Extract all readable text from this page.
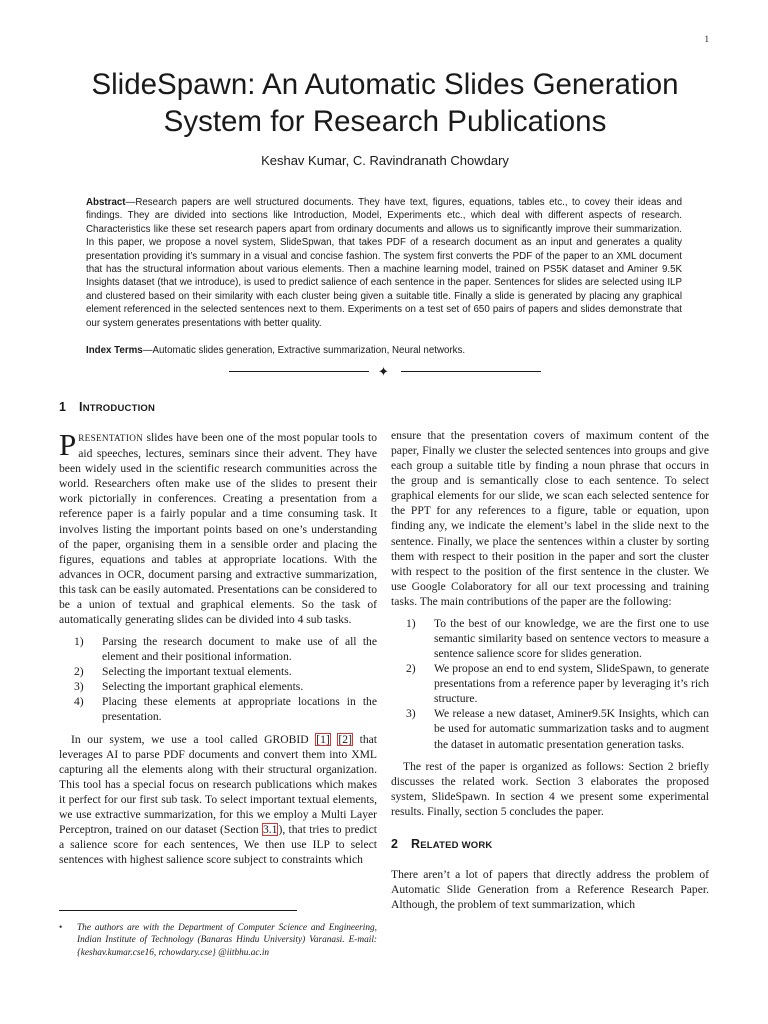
1
SlideSpawn: An Automatic Slides Generation
System for Research Publications
Keshav Kumar, C. Ravindranath Chowdary

Abstract—Research papers are well structured documents. They have text, figures, equations, tables etc., to covey their ideas and findings. They are divided into sections like Introduction, Model, Experiments etc., which deal with different aspects of research. Characteristics like these set research papers apart from ordinary documents and allows us to significantly improve their summarization. In this paper, we propose a novel system, SlideSpwan, that takes PDF of a research document as an input and generates a quality presentation providing it’s summary in a visual and concise fashion. The system first converts the PDF of the paper to an XML document that has the structural information about various elements. Then a machine learning model, trained on PS5K dataset and Aminer 9.5K Insights dataset (that we introduce), is used to predict salience of each sentence in the paper. Sentences for slides are selected using ILP and clustered based on their similarity with each cluster being given a suitable title. Finally a slide is generated by placing any graphical element referenced in the selected sentences next to them. Experiments on a test set of 650 pairs of papers and slides demonstrate that our system generates presentations with better quality.

Index Terms—Automatic slides generation, Extractive summarization, Neural networks.

✦
1 INTRODUCTION

PRESENTATION slides have been one of the most popular tools to aid speeches, lectures, seminars since their advent. They have been widely used in the scientific research communities across the world. Researchers often make use of the slides to present their work pictorially in conferences. Creating a presentation from a reference paper is a fairly popular and a time consuming task. It involves listing the important points based on one’s understanding of the paper, organising them in a sensible order and placing the figures, equations and tables at appropriate locations. With the advances in OCR, document parsing and extractive summarization, this task can be easily automated. Presentations can be considered to be a union of textual and graphical elements. So the task of automatically generating slides can be divided into 4 sub tasks.

1) Parsing the research document to make use of all the element and their positional information.
2) Selecting the important textual elements.
3) Selecting the important graphical elements.
4) Placing these elements at appropriate locations in the presentation.

In our system, we use a tool called GROBID [1] [2] that leverages AI to parse PDF documents and convert them into XML capturing all the elements along with their structural organization. This tool has a special focus on research publications which makes it perfect for our first sub task. To select important textual elements, we use extractive summarization, for this we employ a Multi Layer Perceptron, trained on our dataset (Section 3.1), that tries to predict a salience score for each sentences, We then use ILP to select sentences with highest salience score subject to constraints which

ensure that the presentation covers of maximum content of the paper, Finally we cluster the selected sentences into groups and give each group a suitable title by finding a noun phrase that occurs in the group and is semantically close to each sentence. To select graphical elements for our slide, we scan each selected sentence for the PPT for any references to a figure, table or equation, upon finding any, we indicate the element’s label in the slide next to the sentence. Finally, we place the sentences within a cluster by sorting them with respect to their position in the paper and sort the cluster with respect to the position of the first sentence in the cluster. We use Google Colaboratory for all our text processing and training tasks. The main contributions of the paper are the following:

1) To the best of our knowledge, we are the first one to use semantic similarity based on sentence vectors to measure a sentence salience score for slides generation.
2) We propose an end to end system, SlideSpawn, to generate presentations from a reference paper by leveraging it’s rich structure.
3) We release a new dataset, Aminer9.5K Insights, which can be used for automatic summarization tasks and to augment the dataset in automatic presentation generation tasks.

The rest of the paper is organized as follows: Section 2 briefly discusses the related work. Section 3 elaborates the proposed system, SlideSpawn. In section 4 we present some experimental results. Finally, section 5 concludes the paper.

2 RELATED WORK

There aren’t a lot of papers that directly address the problem of Automatic Slide Generation from a Reference Research Paper. Although, the problem of text summarization, which

•	The authors are with the Department of Computer Science and Engineering, Indian Institute of Technology (Banaras Hindu University) Varanasi. E-mail: {keshav.kumar.cse16, rchowdary.cse} @iitbhu.ac.in
